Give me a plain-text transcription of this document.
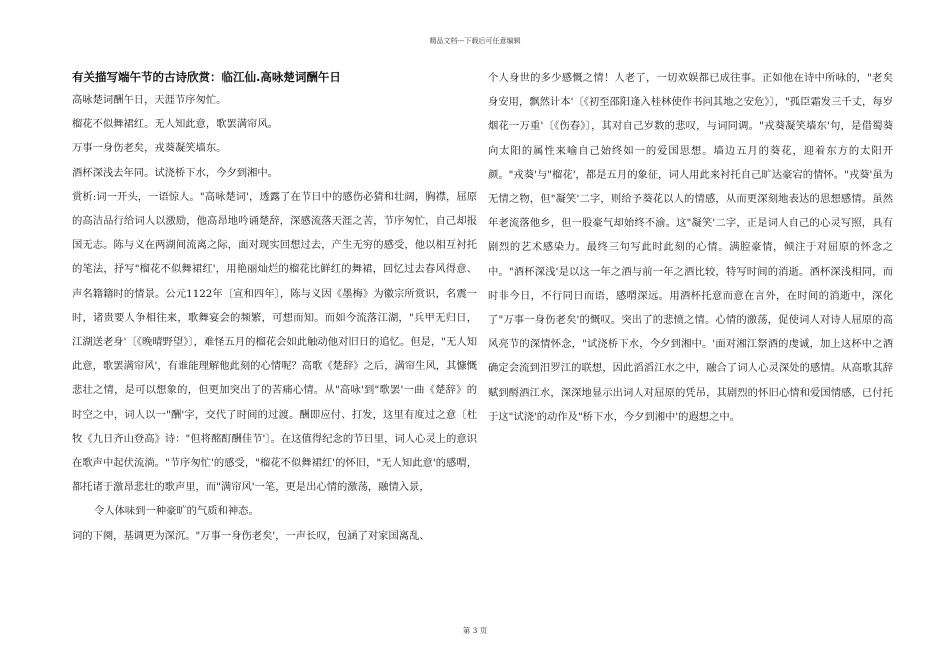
精品文档---下载后可任意编辑

有关描写端午节的古诗欣赏：临江仙.高咏楚词酬午日

高咏楚词酬午日，天涯节序匆忙。

榴花不似舞裙红。无人知此意，歌罢满帘风。

万事一身伤老矣，戎葵凝笑墙东。

酒杯深浅去年同。试浇桥下水，今夕到湘中。

赏析:词一开头，一语惊人。"高咏楚词'，透露了在节日中的感伤必猜和壮阔，胸襟，屈原的高洁品行给词人以激励，他高昂地吟诵楚辞，深感流落天涯之苦，节序匆忙，自己却报国无志。陈与义在两湖间流离之际，面对现实回想过去，产生无穷的感受，他以相互衬托的笔法，抒写"榴花不似舞裙红'，用艳丽灿烂的榴花比鲜红的舞裙，回忆过去春风得意、声名籍籍时的情景。公元1122年〔宣和四年〕，陈与义因《墨梅》为徽宗所赏识，名震一时，诸贵要人争相往来，歌舞宴会的频繁，可想而知。而如今流落江湖，"兵甲无归日，江湖送老身'〔《晚晴野望》〕，难怪五月的榴花会如此触动他对旧日的追忆。但是，"无人知此意，歌罢满帘风'，有谁能理解他此刻的心情呢？高歌《楚辞》之后，满帘生风，其慷慨悲壮之情，是可以想象的，但更加突出了的苦痛心情。从"高咏'到"歌罢'一曲《楚辞》的时空之中，词人以一"酬'字，交代了时间的过渡。酬即应付、打发，这里有度过之意〔杜牧《九日齐山登高》诗："但将酩酊酬佳节'〕。在这值得纪念的节日里，词人心灵上的意识在歌声中起伏流淌。"节序匆忙'的感受，"榴花不似舞裙红'的怀旧，"无人知此意'的感喟，都托诸于激昂悲壮的歌声里，而"满帘风'一笔，更是出心情的激荡，融情入景，

令人体味到一种豪旷的气质和神态。

词的下阕，基调更为深沉。"万事一身伤老矣'，一声长叹，包涵了对家国离乱、

个人身世的多少感慨之情！人老了，一切欢娱都已成往事。正如他在诗中所咏的，"老矣身安用，飘然计本'〔《初至邵阳逢入桂林使作书问其地之安危》〕，"孤臣霜发三千丈，每岁烟花一万重'〔《伤春》〕，其对自己岁数的悲叹，与词同调。"戎葵凝笑墙东'句，是借蜀葵向太阳的属性来喻自己始终如一的爱国思想。墙边五月的葵花，迎着东方的太阳开颜。"戎葵'与"榴花'，都是五月的象征，词人用此来衬托自己旷达豪宕的情怀。"戎葵'虽为无情之物，但"凝笑'二字，则给予葵花以人的情感，从而更深刻地表达的思想感情。虽然年老流落他乡，但一股豪气却始终不渝。这"凝笑'二字，正是词人自己的心灵写照，具有剧烈的艺术感染力。最终三句写此时此刻的心情。满腔豪情，倾注于对屈原的怀念之中。"酒杯深浅'是以这一年之酒与前一年之酒比较，特写时间的消逝。酒杯深浅相同，而时非今日，不行同日而语，感喟深远。用酒杯托意而意在言外，在时间的消逝中，深化了"万事一身伤老矣'的慨叹。突出了的悲愤之情。心情的激荡，促使词人对诗人屈原的高风亮节的深情怀念，"试浇桥下水，今夕到湘中。'面对湘江祭酒的虔诚，加上这杯中之酒确定会流到汨罗江的联想，因此滔滔江水之中，融合了词人心灵深处的感情。从高歌其辞赋到酹酒江水，深深地显示出词人对屈原的凭吊，其剧烈的怀旧心情和爱国情感，已付托于这"试浇'的动作及"桥下水，今夕到湘中'的遐想之中。

第 3 页
